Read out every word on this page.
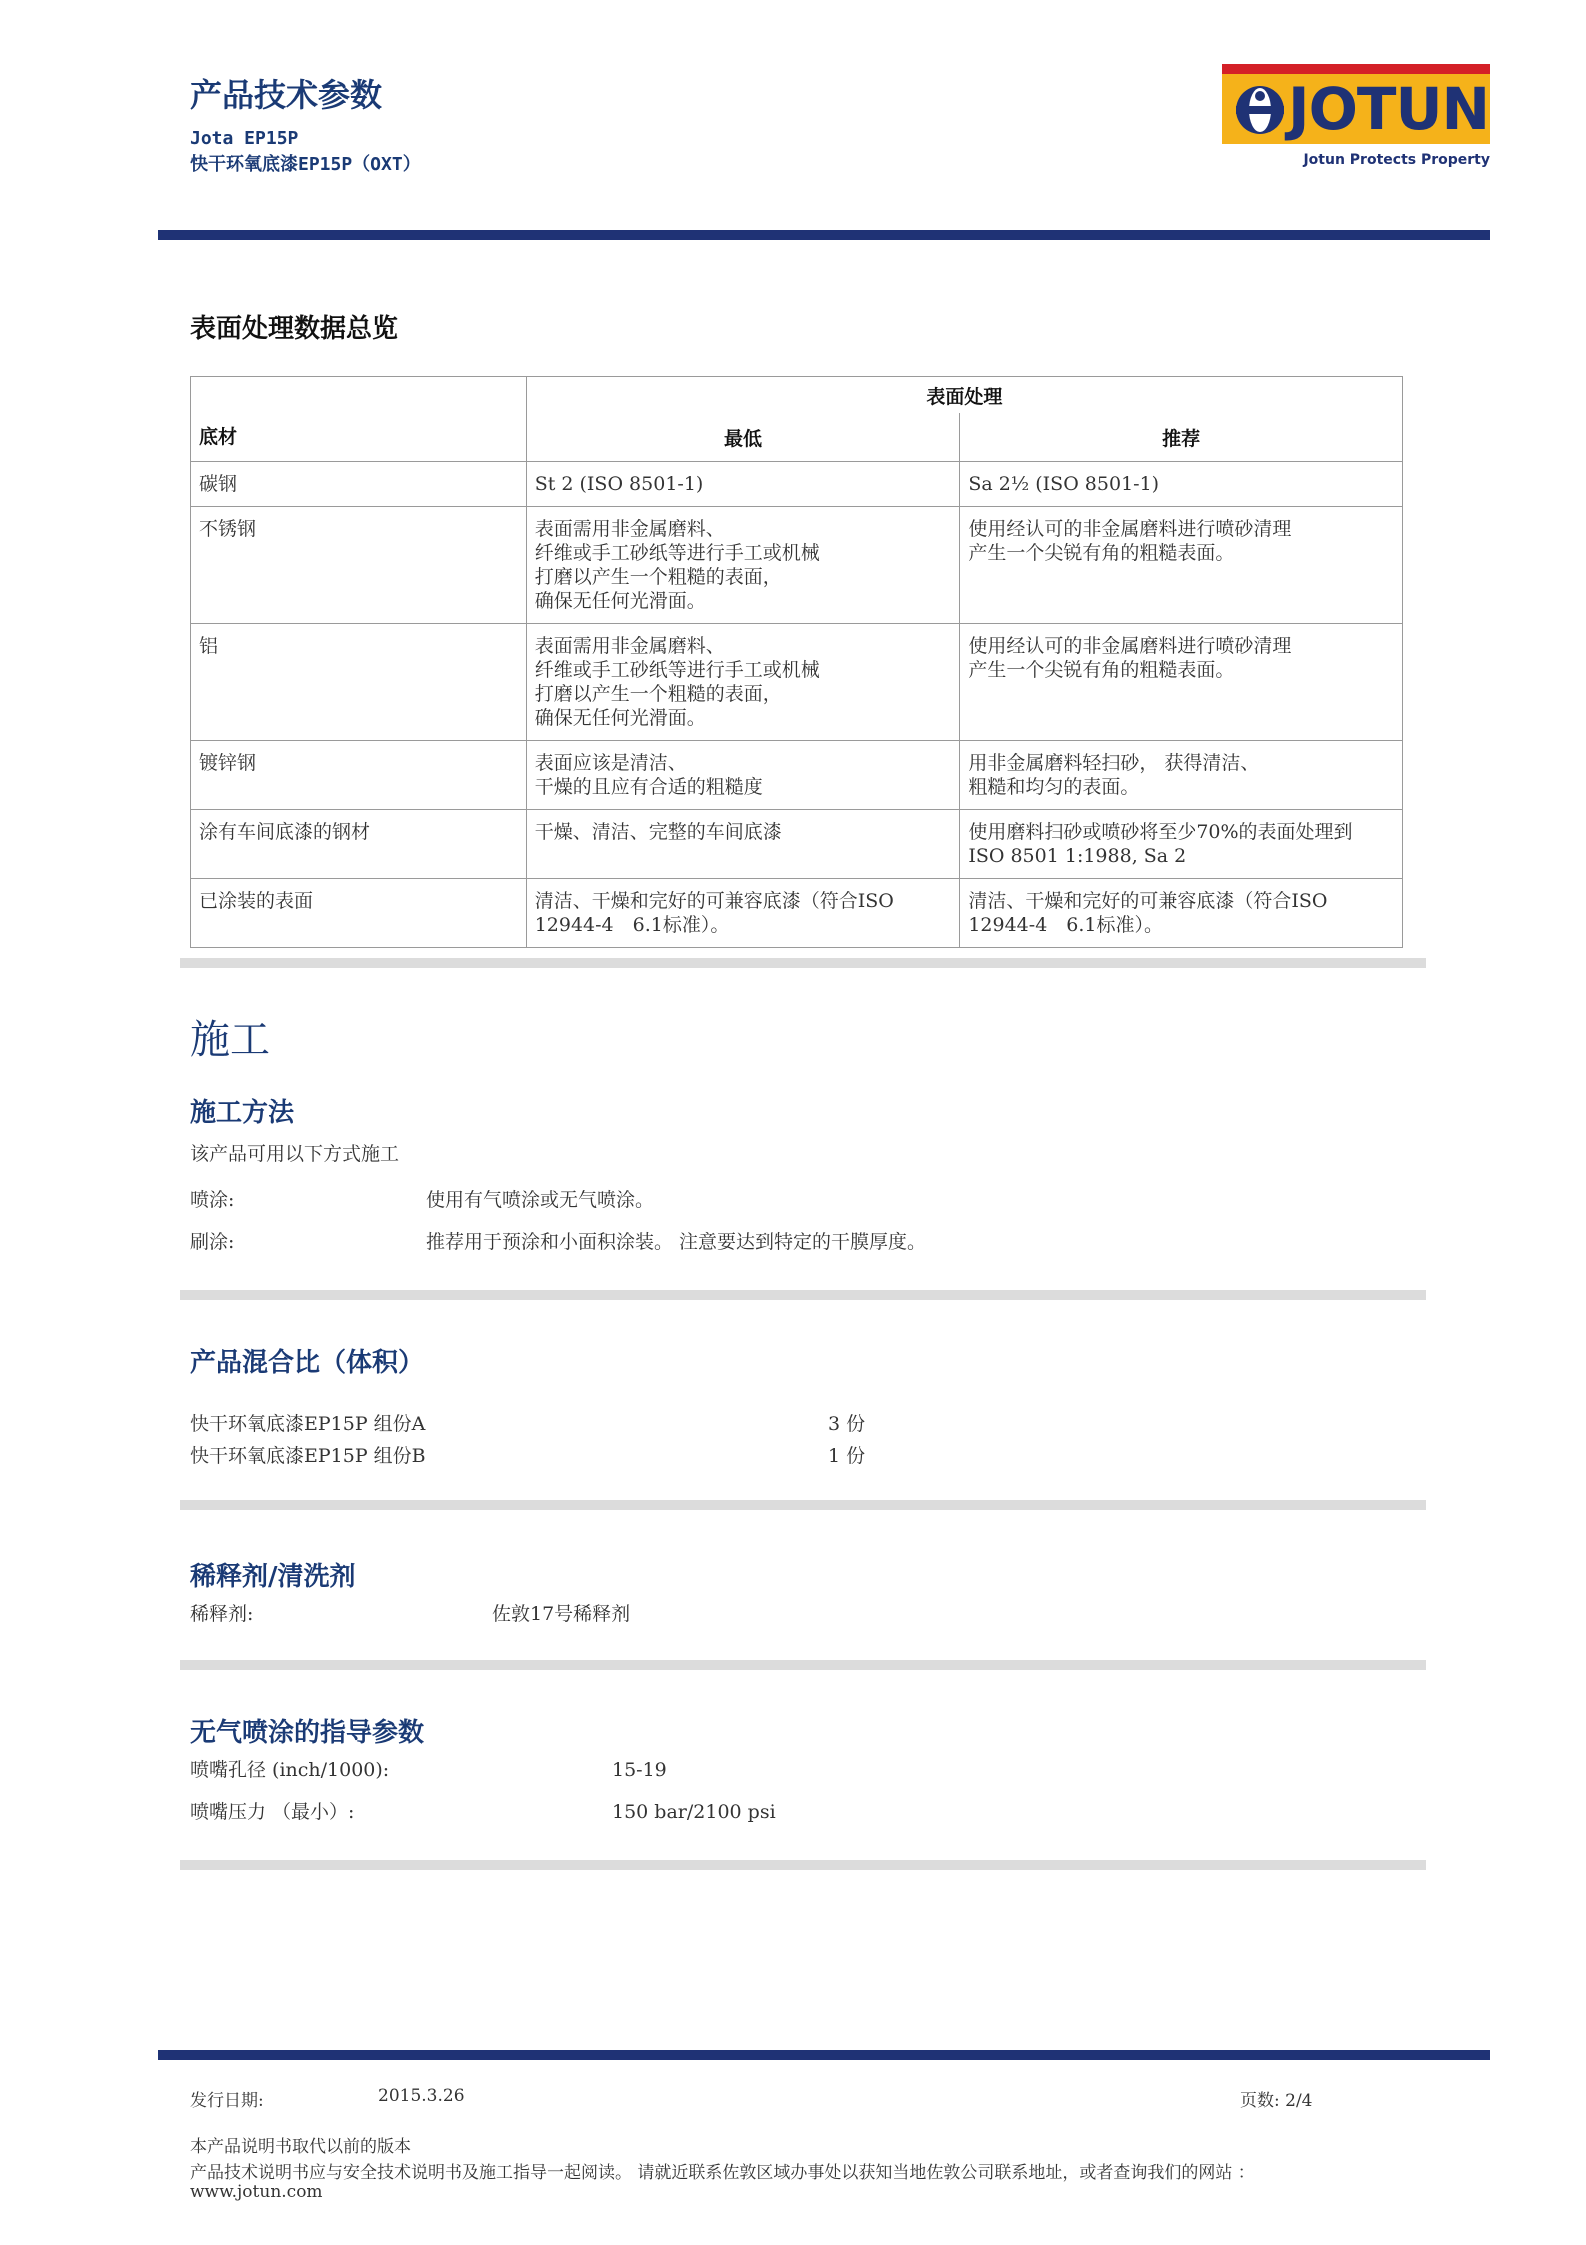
产品技术参数
Jota EP15P
快干环氧底漆EP15P（OXT）
JOTUN
Jotun Protects Property
表面处理数据总览
底材	表面处理	
	最低	推荐
碳钢	St 2 (ISO 8501-1)	Sa 2½ (ISO 8501-1)
不锈钢	表面需用非金属磨料、
纤维或手工砂纸等进行手工或机械
打磨以产生一个粗糙的表面，
确保无任何光滑面。	使用经认可的非金属磨料进行喷砂清理
产生一个尖锐有角的粗糙表面。
铝	表面需用非金属磨料、
纤维或手工砂纸等进行手工或机械
打磨以产生一个粗糙的表面，
确保无任何光滑面。	使用经认可的非金属磨料进行喷砂清理
产生一个尖锐有角的粗糙表面。
镀锌钢	表面应该是清洁、
干燥的且应有合适的粗糙度	用非金属磨料轻扫砂， 获得清洁、
粗糙和均匀的表面。
涂有车间底漆的钢材	干燥、清洁、完整的车间底漆	使用磨料扫砂或喷砂将至少70%的表面处理到
ISO 8501 1:1988, Sa 2
已涂装的表面	清洁、干燥和完好的可兼容底漆（符合ISO
12944-4　6.1标准）。	清洁、干燥和完好的可兼容底漆（符合ISO
12944-4　6.1标准）。
施工
施工方法
该产品可用以下方式施工
喷涂:	使用有气喷涂或无气喷涂。
刷涂:	推荐用于预涂和小面积涂装。 注意要达到特定的干膜厚度。
产品混合比（体积）
快干环氧底漆EP15P 组份A	3 份
快干环氧底漆EP15P 组份B	1 份
稀释剂/清洗剂
稀释剂:	佐敦17号稀释剂
无气喷涂的指导参数
喷嘴孔径 (inch/1000):	15-19
喷嘴压力 （最小）:	150 bar/2100 psi
发行日期:	2015.3.26	页数: 2/4
本产品说明书取代以前的版本
产品技术说明书应与安全技术说明书及施工指导一起阅读。 请就近联系佐敦区域办事处以获知当地佐敦公司联系地址，或者查询我们的网站 ：
www.jotun.com
